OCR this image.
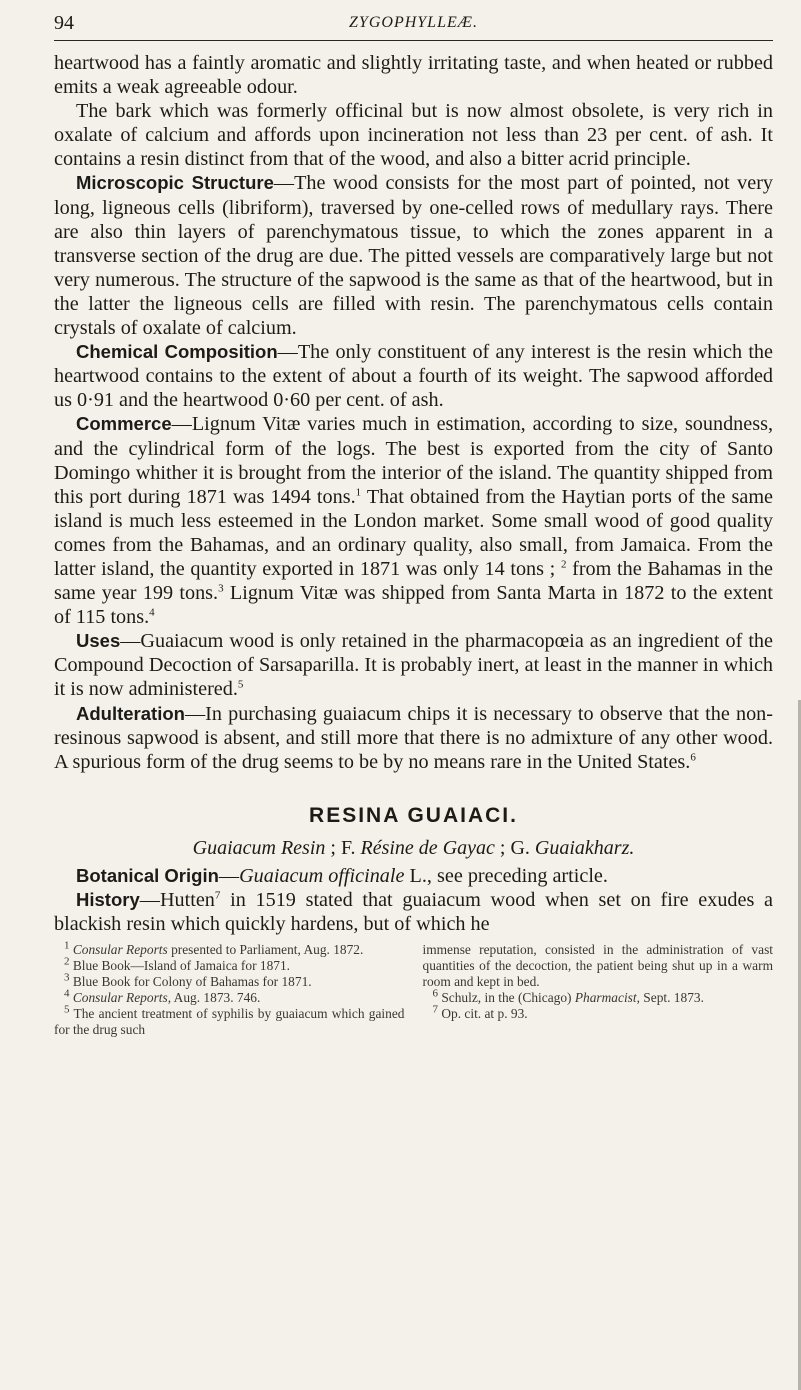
94	ZYGOPHYLLEÆ.

heartwood has a faintly aromatic and slightly irritating taste, and when heated or rubbed emits a weak agreeable odour.

The bark which was formerly officinal but is now almost obsolete, is very rich in oxalate of calcium and affords upon incineration not less than 23 per cent. of ash. It contains a resin distinct from that of the wood, and also a bitter acrid principle.

Microscopic Structure—The wood consists for the most part of pointed, not very long, ligneous cells (libriform), traversed by one-celled rows of medullary rays. There are also thin layers of parenchymatous tissue, to which the zones apparent in a transverse section of the drug are due. The pitted vessels are comparatively large but not very numerous. The structure of the sapwood is the same as that of the heartwood, but in the latter the ligneous cells are filled with resin. The parenchymatous cells contain crystals of oxalate of calcium.

Chemical Composition—The only constituent of any interest is the resin which the heartwood contains to the extent of about a fourth of its weight. The sapwood afforded us 0·91 and the heartwood 0·60 per cent. of ash.

Commerce—Lignum Vitæ varies much in estimation, according to size, soundness, and the cylindrical form of the logs. The best is exported from the city of Santo Domingo whither it is brought from the interior of the island. The quantity shipped from this port during 1871 was 1494 tons.$^1$ That obtained from the Haytian ports of the same island is much less esteemed in the London market. Some small wood of good quality comes from the Bahamas, and an ordinary quality, also small, from Jamaica. From the latter island, the quantity exported in 1871 was only 14 tons ; $^2$ from the Bahamas in the same year 199 tons.$^3$ Lignum Vitæ was shipped from Santa Marta in 1872 to the extent of 115 tons.$^4$

Uses—Guaiacum wood is only retained in the pharmacopœia as an ingredient of the Compound Decoction of Sarsaparilla. It is probably inert, at least in the manner in which it is now administered.$^5$

Adulteration—In purchasing guaiacum chips it is necessary to observe that the non-resinous sapwood is absent, and still more that there is no admixture of any other wood. A spurious form of the drug seems to be by no means rare in the United States.$^6$

RESINA GUAIACI.
Guaiacum Resin ; F. Résine de Gayac ; G. Guaiakharz.

Botanical Origin—Guaiacum officinale L., see preceding article.

History—Hutten$^7$ in 1519 stated that guaiacum wood when set on fire exudes a blackish resin which quickly hardens, but of which he

$^1$ Consular Reports presented to Parliament, Aug. 1872.

$^2$ Blue Book—Island of Jamaica for 1871.

$^3$ Blue Book for Colony of Bahamas for 1871.

$^4$ Consular Reports, Aug. 1873. 746.

$^5$ The ancient treatment of syphilis by guaiacum which gained for the drug such

immense reputation, consisted in the administration of vast quantities of the decoction, the patient being shut up in a warm room and kept in bed.

$^6$ Schulz, in the (Chicago) Pharmacist, Sept. 1873.

$^7$ Op. cit. at p. 93.
